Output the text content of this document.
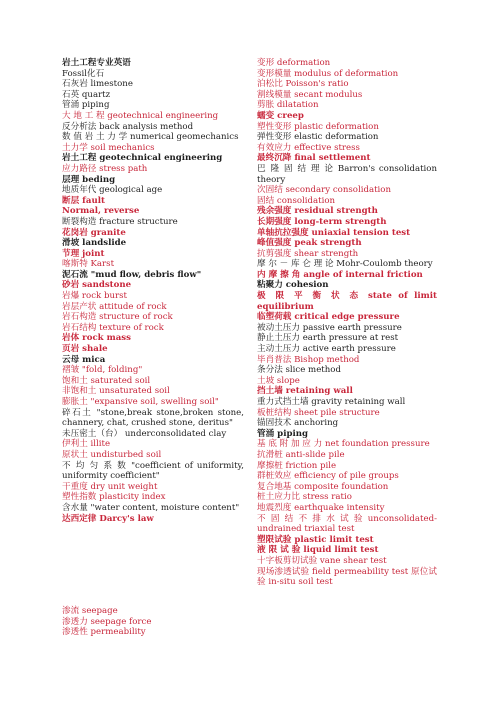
岩土工程专业英语
Fossil化石
石灰岩 limestone
石英 quartz
管涌 piping
大 地 工 程 geotechnical engineering
反分析法 back analysis method
数 值 岩 土 力 学 numerical geomechanics
土力学 soil mechanics
岩土工程 geotechnical engineering
应力路径 stress path
层理 beding
地质年代 geological age
断层 fault
Normal, reverse
断裂构造 fracture structure
花岗岩 granite
滑坡 landslide
节理 joint
喀斯特 Karst
泥石流 "mud flow, debris flow"
砂岩 sandstone
岩爆 rock burst
岩层产状 attitude of rock
岩石构造 structure of rock
岩石结构 texture of rock
岩体 rock mass
页岩 shale
云母 mica
褶皱 "fold, folding"
饱和土 saturated soil
非饱和土 unsaturated soil
膨胀土 "expansive soil, swelling soil"
碎石土 "stone,break stone,broken stone, channery, chat, crushed stone, deritus"
未压密土（台） underconsolidated clay
伊利土 illite
原状土 undisturbed soil
不 均 匀 系 数 "coefficient of uniformity, uniformity coefficient"
干重度 dry unit weight
塑性指数 plasticity index
含水量 "water content, moisture content"
达西定律 Darcy's law
渗流 seepage
渗透力 seepage force
渗透性 permeability
变形 deformation
变形模量 modulus of deformation
泊松比 Poisson's ratio
割线模量 secant modulus
剪胀 dilatation
蠕变 creep
塑性变形 plastic deformation
弹性变形 elastic deformation
有效应力 effective stress
最终沉降 final settlement
巴 隆 固 结 理 论 Barron's consolidation theory
次固结 secondary consolidation
固结 consolidation
残余强度 residual strength
长期强度 long-term strength
单轴抗拉强度 uniaxial tension test
峰值强度 peak strength
抗剪强度 shear strength
摩 尔 － 库 仑 理 论 Mohr-Coulomb theory
内 摩 擦 角 angle of internal friction
粘聚力 cohesion
极 限 平 衡 状 态 state of limit equilibrium
临塑荷载 critical edge pressure
被动土压力 passive earth pressure
静止土压力 earth pressure at rest
主动土压力 active earth pressure
毕肖普法 Bishop method
条分法 slice method
土坡 slope
挡土墙 retaining wall
重力式挡土墙 gravity retaining wall
板桩结构 sheet pile structure
锚固技术 anchoring
管涌 piping
基 底 附 加 应 力 net foundation pressure
抗滑桩 anti-slide pile
摩擦桩 friction pile
群桩效应 efficiency of pile groups
复合地基 composite foundation
桩土应力比 stress ratio
地震烈度 earthquake intensity
不 固 结 不 排 水 试 验 unconsolidated-undrained triaxial test
塑限试验 plastic limit test
液 限 试 验 liquid limit test
十字板剪切试验 vane shear test
现场渗透试验 field permeability test 原位试验 in-situ soil test
